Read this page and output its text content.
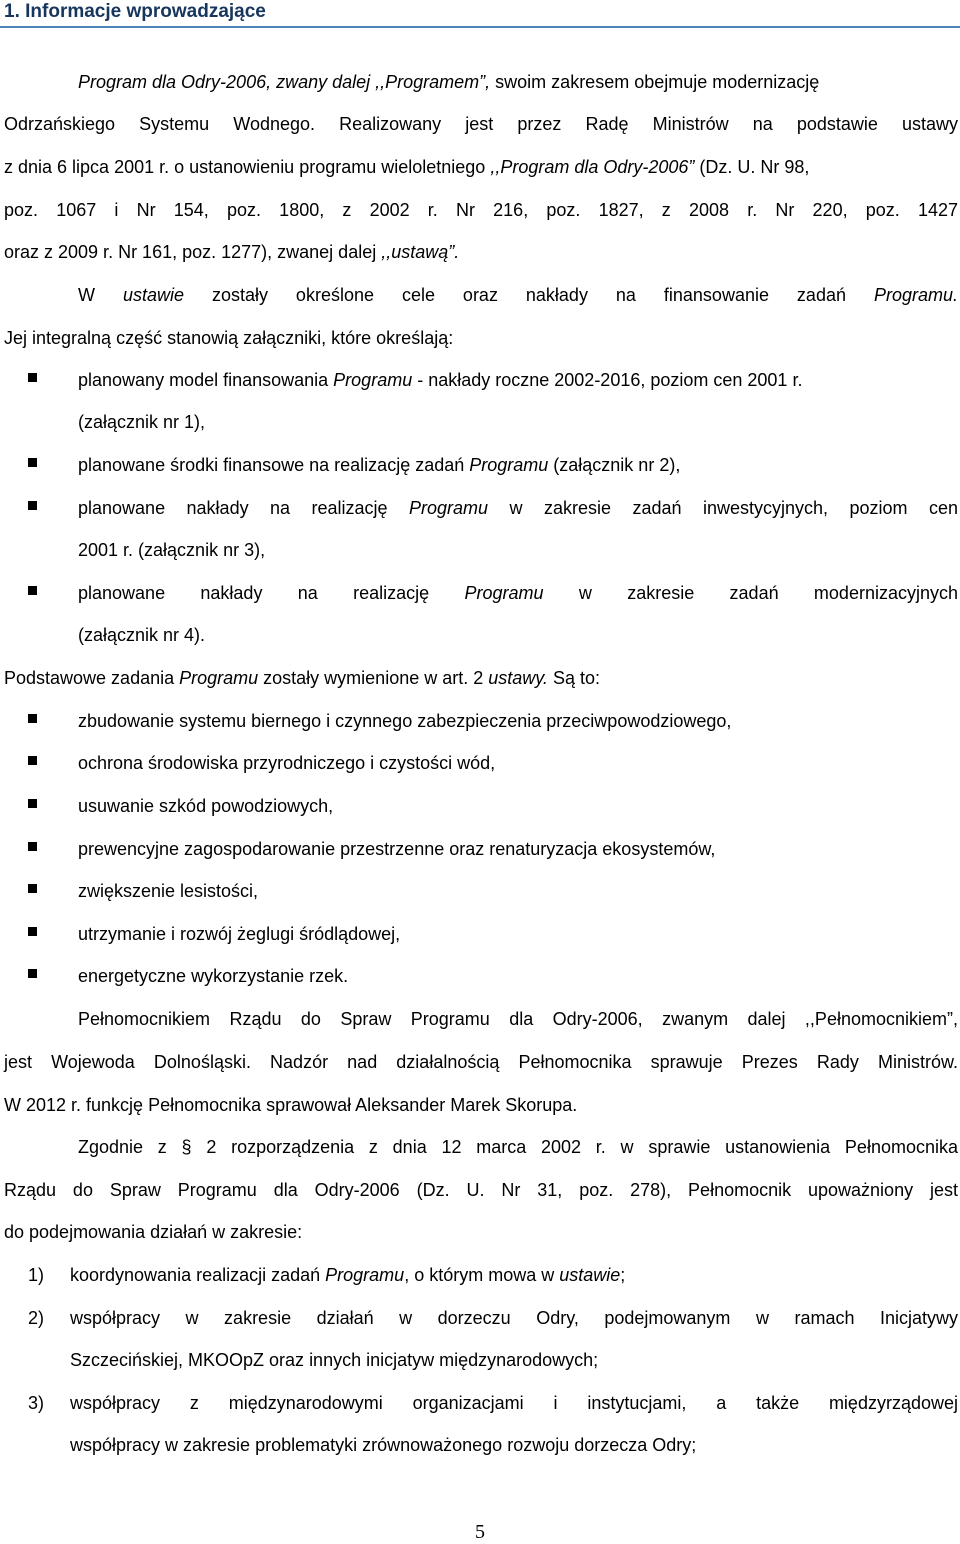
1. Informacje wprowadzające
Program dla Odry-2006, zwany dalej ,,Programem”, swoim zakresem obejmuje modernizację
Odrzańskiego Systemu Wodnego. Realizowany jest przez Radę Ministrów na podstawie ustawy
z dnia 6 lipca 2001 r. o ustanowieniu programu wieloletniego ,,Program dla Odry-2006” (Dz. U. Nr 98,
poz. 1067 i Nr 154, poz. 1800, z 2002 r. Nr 216, poz. 1827, z 2008 r. Nr 220, poz. 1427
oraz z 2009 r. Nr 161, poz. 1277), zwanej dalej ,,ustawą”.
W ustawie zostały określone cele oraz nakłady na finansowanie zadań Programu.
Jej integralną część stanowią załączniki, które określają:
planowany model finansowania Programu - nakłady roczne 2002-2016, poziom cen 2001 r.
(załącznik nr 1),
planowane środki finansowe na realizację zadań Programu (załącznik nr 2),
planowane nakłady na realizację Programu w zakresie zadań inwestycyjnych, poziom cen
2001 r. (załącznik nr 3),
planowane nakłady na realizację Programu w zakresie zadań modernizacyjnych
(załącznik nr 4).
Podstawowe zadania Programu zostały wymienione w art. 2 ustawy. Są to:
zbudowanie systemu biernego i czynnego zabezpieczenia przeciwpowodziowego,
ochrona środowiska przyrodniczego i czystości wód,
usuwanie szkód powodziowych,
prewencyjne zagospodarowanie przestrzenne oraz renaturyzacja ekosystemów,
zwiększenie lesistości,
utrzymanie i rozwój żeglugi śródlądowej,
energetyczne wykorzystanie rzek.
Pełnomocnikiem Rządu do Spraw Programu dla Odry-2006, zwanym dalej ,,Pełnomocnikiem”,
jest Wojewoda Dolnośląski. Nadzór nad działalnością Pełnomocnika sprawuje Prezes Rady Ministrów.
W 2012 r. funkcję Pełnomocnika sprawował Aleksander Marek Skorupa.
Zgodnie z § 2 rozporządzenia z dnia 12 marca 2002 r. w sprawie ustanowienia Pełnomocnika
Rządu do Spraw Programu dla Odry-2006 (Dz. U. Nr 31, poz. 278), Pełnomocnik upoważniony jest
do podejmowania działań w zakresie:
1) koordynowania realizacji zadań Programu, o którym mowa w ustawie;
2) współpracy w zakresie działań w dorzeczu Odry, podejmowanym w ramach Inicjatywy
Szczecińskiej, MKOOpZ oraz innych inicjatyw międzynarodowych;
3) współpracy z międzynarodowymi organizacjami i instytucjami, a także międzyrządowej
współpracy w zakresie problematyki zrównoważonego rozwoju dorzecza Odry;
5
